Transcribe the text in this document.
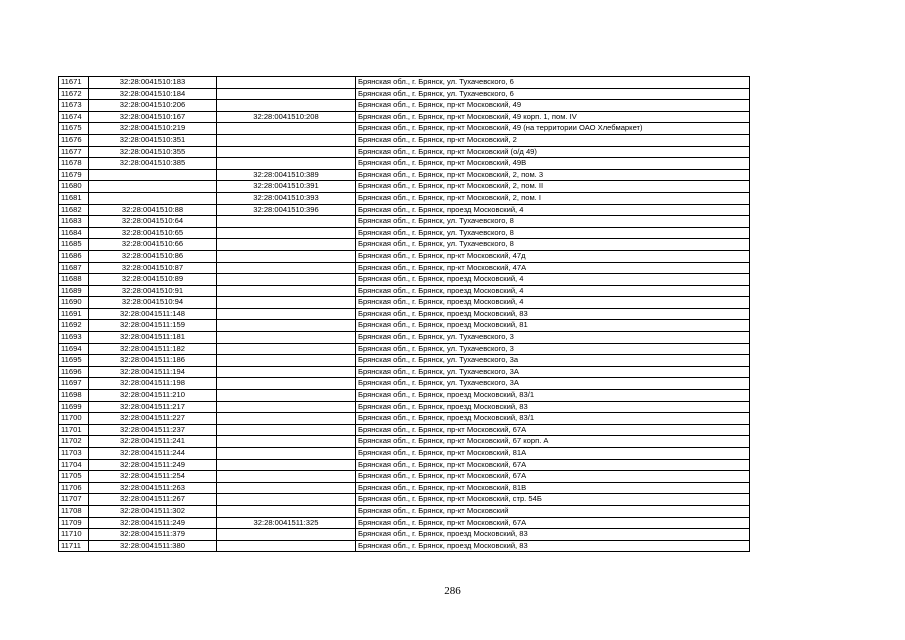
11671	32:28:0041510:183		Брянская обл., г. Брянск, ул. Тухачевского, 6
11672	32:28:0041510:184		Брянская обл., г. Брянск, ул. Тухачевского, 6
11673	32:28:0041510:206		Брянская обл., г. Брянск, пр-кт Московский, 49
11674	32:28:0041510:167	32:28:0041510:208	Брянская обл., г. Брянск, пр-кт Московский, 49 корп. 1, пом. IV
11675	32:28:0041510:219		Брянская обл., г. Брянск, пр-кт Московский, 49 (на территории ОАО Хлебмаркет)
11676	32:28:0041510:351		Брянская обл., г. Брянск, пр-кт Московский, 2
11677	32:28:0041510:355		Брянская обл., г. Брянск, пр-кт Московский (о/д 49)
11678	32:28:0041510:385		Брянская обл., г. Брянск, пр-кт Московский, 49В
11679		32:28:0041510:389	Брянская обл., г. Брянск, пр-кт Московский, 2, пом. 3
11680		32:28:0041510:391	Брянская обл., г. Брянск, пр-кт Московский, 2, пом. II
11681		32:28:0041510:393	Брянская обл., г. Брянск, пр-кт Московский, 2, пом. I
11682	32:28:0041510:88	32:28:0041510:396	Брянская обл., г. Брянск, проезд Московский, 4
11683	32:28:0041510:64		Брянская обл., г. Брянск, ул. Тухачевского, 8
11684	32:28:0041510:65		Брянская обл., г. Брянск, ул. Тухачевского, 8
11685	32:28:0041510:66		Брянская обл., г. Брянск, ул. Тухачевского, 8
11686	32:28:0041510:86		Брянская обл., г. Брянск, пр-кт Московский, 47д
11687	32:28:0041510:87		Брянская обл., г. Брянск, пр-кт Московский, 47А
11688	32:28:0041510:89		Брянская обл., г. Брянск, проезд Московский, 4
11689	32:28:0041510:91		Брянская обл., г. Брянск, проезд Московский, 4
11690	32:28:0041510:94		Брянская обл., г. Брянск, проезд Московский, 4
11691	32:28:0041511:148		Брянская обл., г. Брянск, проезд Московский, 83
11692	32:28:0041511:159		Брянская обл., г. Брянск, проезд Московский, 81
11693	32:28:0041511:181		Брянская обл., г. Брянск, ул. Тухачевского, 3
11694	32:28:0041511:182		Брянская обл., г. Брянск, ул. Тухачевского, 3
11695	32:28:0041511:186		Брянская обл., г. Брянск, ул. Тухачевского, 3а
11696	32:28:0041511:194		Брянская обл., г. Брянск, ул. Тухачевского, 3А
11697	32:28:0041511:198		Брянская обл., г. Брянск, ул. Тухачевского, 3А
11698	32:28:0041511:210		Брянская обл., г. Брянск, проезд Московский, 83/1
11699	32:28:0041511:217		Брянская обл., г. Брянск, проезд Московский, 83
11700	32:28:0041511:227		Брянская обл., г. Брянск, проезд Московский, 83/1
11701	32:28:0041511:237		Брянская обл., г. Брянск, пр-кт Московский, 67А
11702	32:28:0041511:241		Брянская обл., г. Брянск, пр-кт Московский, 67 корп. А
11703	32:28:0041511:244		Брянская обл., г. Брянск, пр-кт Московский, 81А
11704	32:28:0041511:249		Брянская обл., г. Брянск, пр-кт Московский, 67А
11705	32:28:0041511:254		Брянская обл., г. Брянск, пр-кт Московский, 67А
11706	32:28:0041511:263		Брянская обл., г. Брянск, пр-кт Московский, 81В
11707	32:28:0041511:267		Брянская обл., г. Брянск, пр-кт Московский, стр. 54Б
11708	32:28:0041511:302		Брянская обл., г. Брянск, пр-кт Московский
11709	32:28:0041511:249	32:28:0041511:325	Брянская обл., г. Брянск, пр-кт Московский, 67А
11710	32:28:0041511:379		Брянская обл., г. Брянск, проезд Московский, 83
11711	32:28:0041511:380		Брянская обл., г. Брянск, проезд Московский, 83
286
